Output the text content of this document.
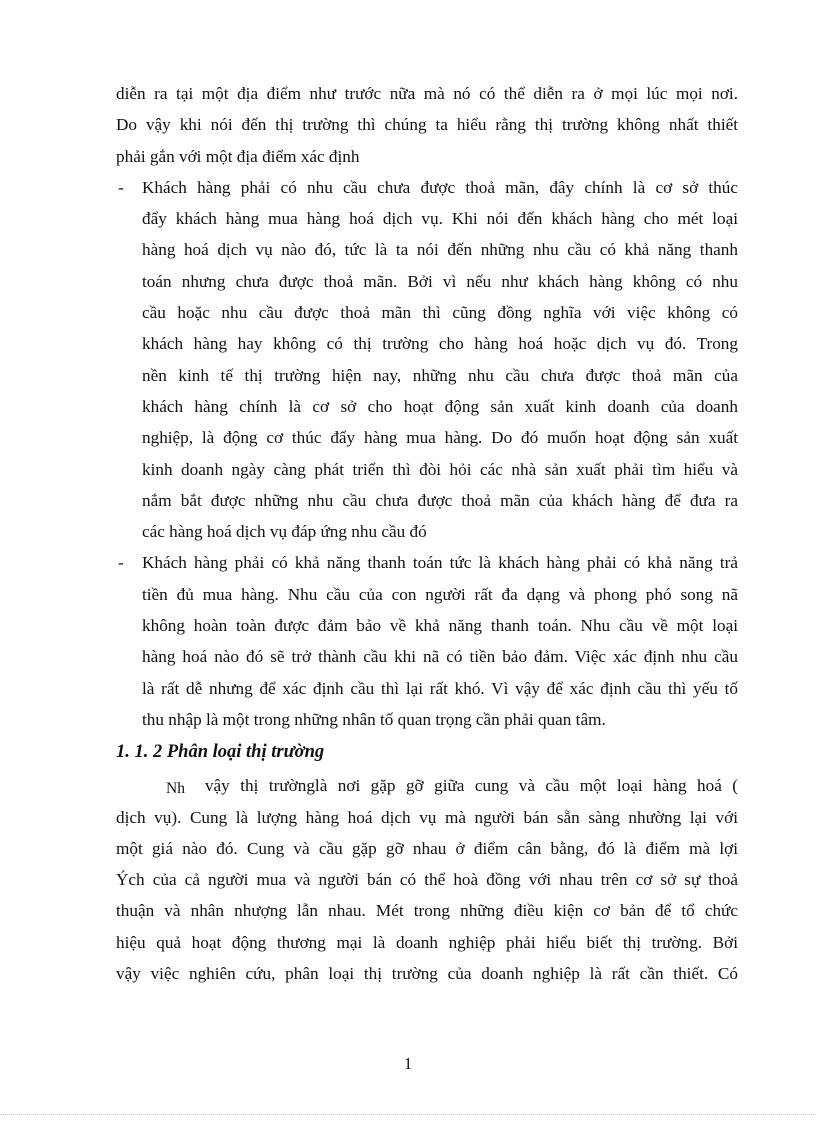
diễn ra tại một địa điểm như trước nữa mà nó có thể diễn ra ở mọi lúc mọi nơi.
Do vậy khi nói đến thị trường thì chúng ta hiểu rằng thị trường không nhất thiết
phải gắn với một địa điểm xác định
- Khách hàng phải có nhu cầu chưa được thoả mãn, đây chính là cơ sở thúc
đẩy khách hàng mua hàng hoá dịch vụ. Khi nói đến khách hàng cho mét loại
hàng hoá dịch vụ nào đó, tức là ta nói đến những nhu cầu có khả năng thanh
toán nhưng chưa được thoả mãn. Bởi vì nếu như khách hàng không có nhu
cầu hoặc nhu cầu được thoả mãn thì cũng đồng nghĩa với việc không có
khách hàng hay không có thị trường cho hàng hoá hoặc dịch vụ đó. Trong
nền kinh tế thị trường hiện nay, những nhu cầu chưa được thoả mãn của
khách hàng chính là cơ sở cho hoạt động sản xuất kinh doanh của doanh
nghiệp, là động cơ thúc đẩy hàng mua hàng. Do đó muốn hoạt động sản xuất
kinh doanh ngày càng phát triển thì đòi hỏi các nhà sản xuất phải tìm hiểu và
nắm bắt được những nhu cầu chưa được thoả mãn của khách hàng để đưa ra
các hàng hoá dịch vụ đáp ứng nhu cầu đó
- Khách hàng phải có khả năng thanh toán tức là khách hàng phải có khả năng trả
tiền đủ mua hàng. Nhu cầu của con người rất đa dạng và phong phó song nã
không hoàn toàn được đảm bảo về khả năng thanh toán. Nhu cầu về một loại
hàng hoá nào đó sẽ trở thành cầu khi nã có tiền bảo đảm. Việc xác định nhu cầu
là rất dễ nhưng để xác định cầu thì lại rất khó. Vì vậy để xác định cầu thì yếu tố
thu nhập là một trong những nhân tố quan trọng cần phải quan tâm.
1. 1. 2 Phân loại thị trường
Nh vậy thị trườnglà nơi gặp gỡ giữa cung và cầu một loại hàng hoá (
dịch vụ). Cung là lượng hàng hoá dịch vụ mà người bán sẵn sàng nhường lại với
một giá nào đó. Cung và cầu gặp gỡ nhau ở điểm cân bằng, đó là điểm mà lợi
Ých của cả người mua và người bán có thể hoà đồng với nhau trên cơ sở sự thoả
thuận và nhân nhượng lẫn nhau. Mét trong những điều kiện cơ bản để tổ chức
hiệu quả hoạt động thương mại là doanh nghiệp phải hiểu biết thị trường. Bởi
vậy việc nghiên cứu, phân loại thị trường của doanh nghiệp là rất cần thiết. Có
1
